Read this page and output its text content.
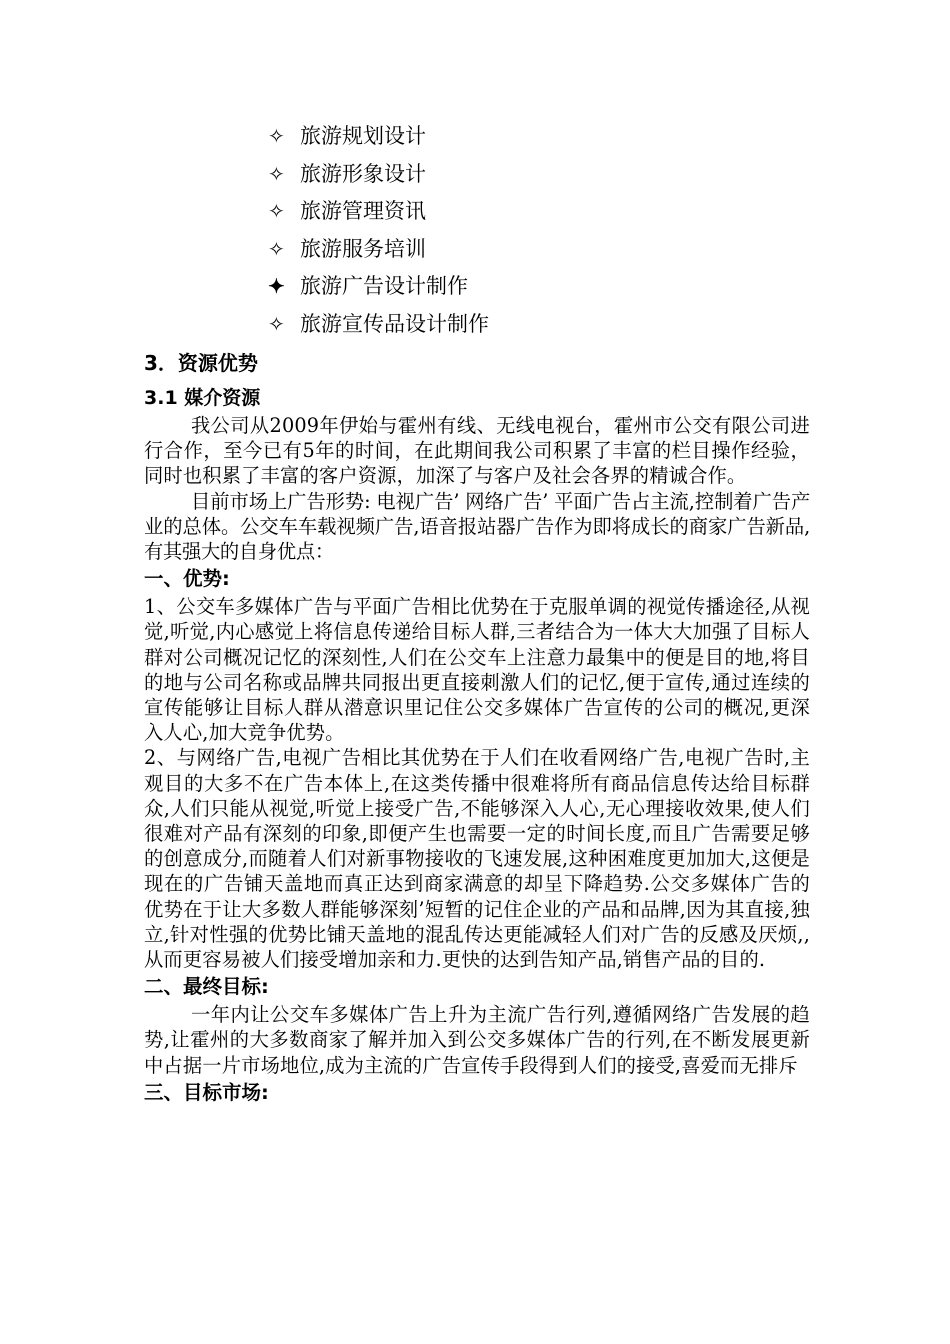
✧ 旅游规划设计
✧ 旅游形象设计
✧ 旅游管理资讯
✧ 旅游服务培训
✦ 旅游广告设计制作
✧ 旅游宣传品设计制作
3．资源优势
3.1 媒介资源

我公司从2009年伊始与霍州有线、无线电视台，霍州市公交有限公司进行合作，至今已有5年的时间，在此期间我公司积累了丰富的栏目操作经验，同时也积累了丰富的客户资源，加深了与客户及社会各界的精诚合作。

目前市场上广告形势: 电视广告’ 网络广告’ 平面广告占主流,控制着广告产业的总体。公交车车载视频广告,语音报站器广告作为即将成长的商家广告新品,有其强大的自身优点：

一、优势:

1、公交车多媒体广告与平面广告相比优势在于克服单调的视觉传播途径,从视觉,听觉,内心感觉上将信息传递给目标人群,三者结合为一体大大加强了目标人群对公司概况记忆的深刻性,人们在公交车上注意力最集中的便是目的地,将目的地与公司名称或品牌共同报出更直接刺激人们的记忆,便于宣传,通过连续的宣传能够让目标人群从潜意识里记住公交多媒体广告宣传的公司的概况,更深入人心,加大竞争优势。

2、与网络广告,电视广告相比其优势在于人们在收看网络广告,电视广告时,主观目的大多不在广告本体上,在这类传播中很难将所有商品信息传达给目标群众,人们只能从视觉,听觉上接受广告,不能够深入人心,无心理接收效果,使人们很难对产品有深刻的印象,即便产生也需要一定的时间长度,而且广告需要足够的创意成分,而随着人们对新事物接收的飞速发展,这种困难度更加加大,这便是现在的广告铺天盖地而真正达到商家满意的却呈下降趋势.公交多媒体广告的优势在于让大多数人群能够深刻’短暂的记住企业的产品和品牌,因为其直接,独立,针对性强的优势比铺天盖地的混乱传达更能减轻人们对广告的反感及厌烦,,从而更容易被人们接受增加亲和力.更快的达到告知产品,销售产品的目的.

二、最终目标:

一年内让公交车多媒体广告上升为主流广告行列,遵循网络广告发展的趋势,让霍州的大多数商家了解并加入到公交多媒体广告的行列,在不断发展更新中占据一片市场地位,成为主流的广告宣传手段得到人们的接受,喜爱而无排斥

三、目标市场:
